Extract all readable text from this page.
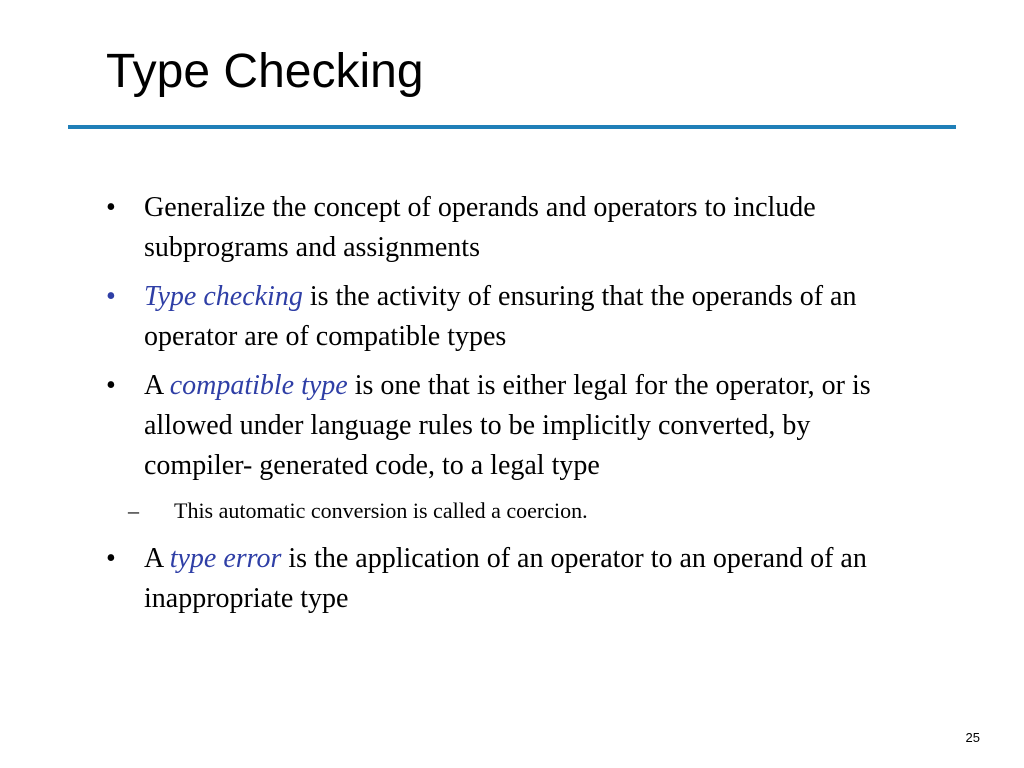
Type Checking
•	Generalize the concept of operands and operators to include subprograms and assignments
•	Type checking is the activity of ensuring that the operands of an operator are of compatible types
•	A compatible type is one that is either legal for the operator, or is allowed under language rules to be implicitly converted, by compiler- generated code, to a legal type
– This automatic conversion is called a coercion.
•	A type error is the application of an operator to an operand of an inappropriate type
25
